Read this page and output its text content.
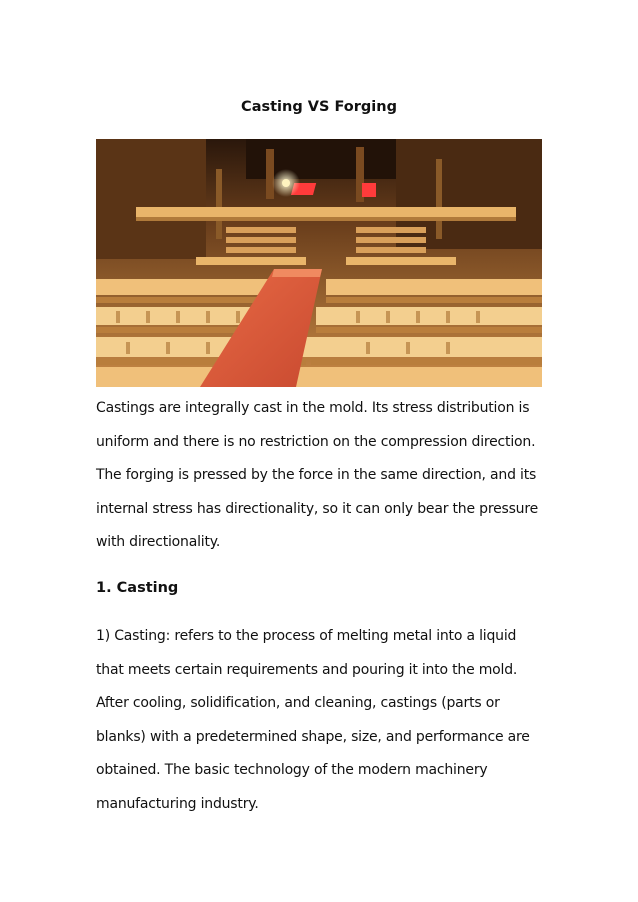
Casting VS Forging

Castings are integrally cast in the mold. Its stress distribution is uniform and there is no restriction on the compression direction. The forging is pressed by the force in the same direction, and its internal stress has directionality, so it can only bear the pressure with directionality.

1. Casting

1) Casting: refers to the process of melting metal into a liquid that meets certain requirements and pouring it into the mold. After cooling, solidification, and cleaning, castings (parts or blanks) with a predetermined shape, size, and performance are obtained. The basic technology of the modern machinery manufacturing industry.
